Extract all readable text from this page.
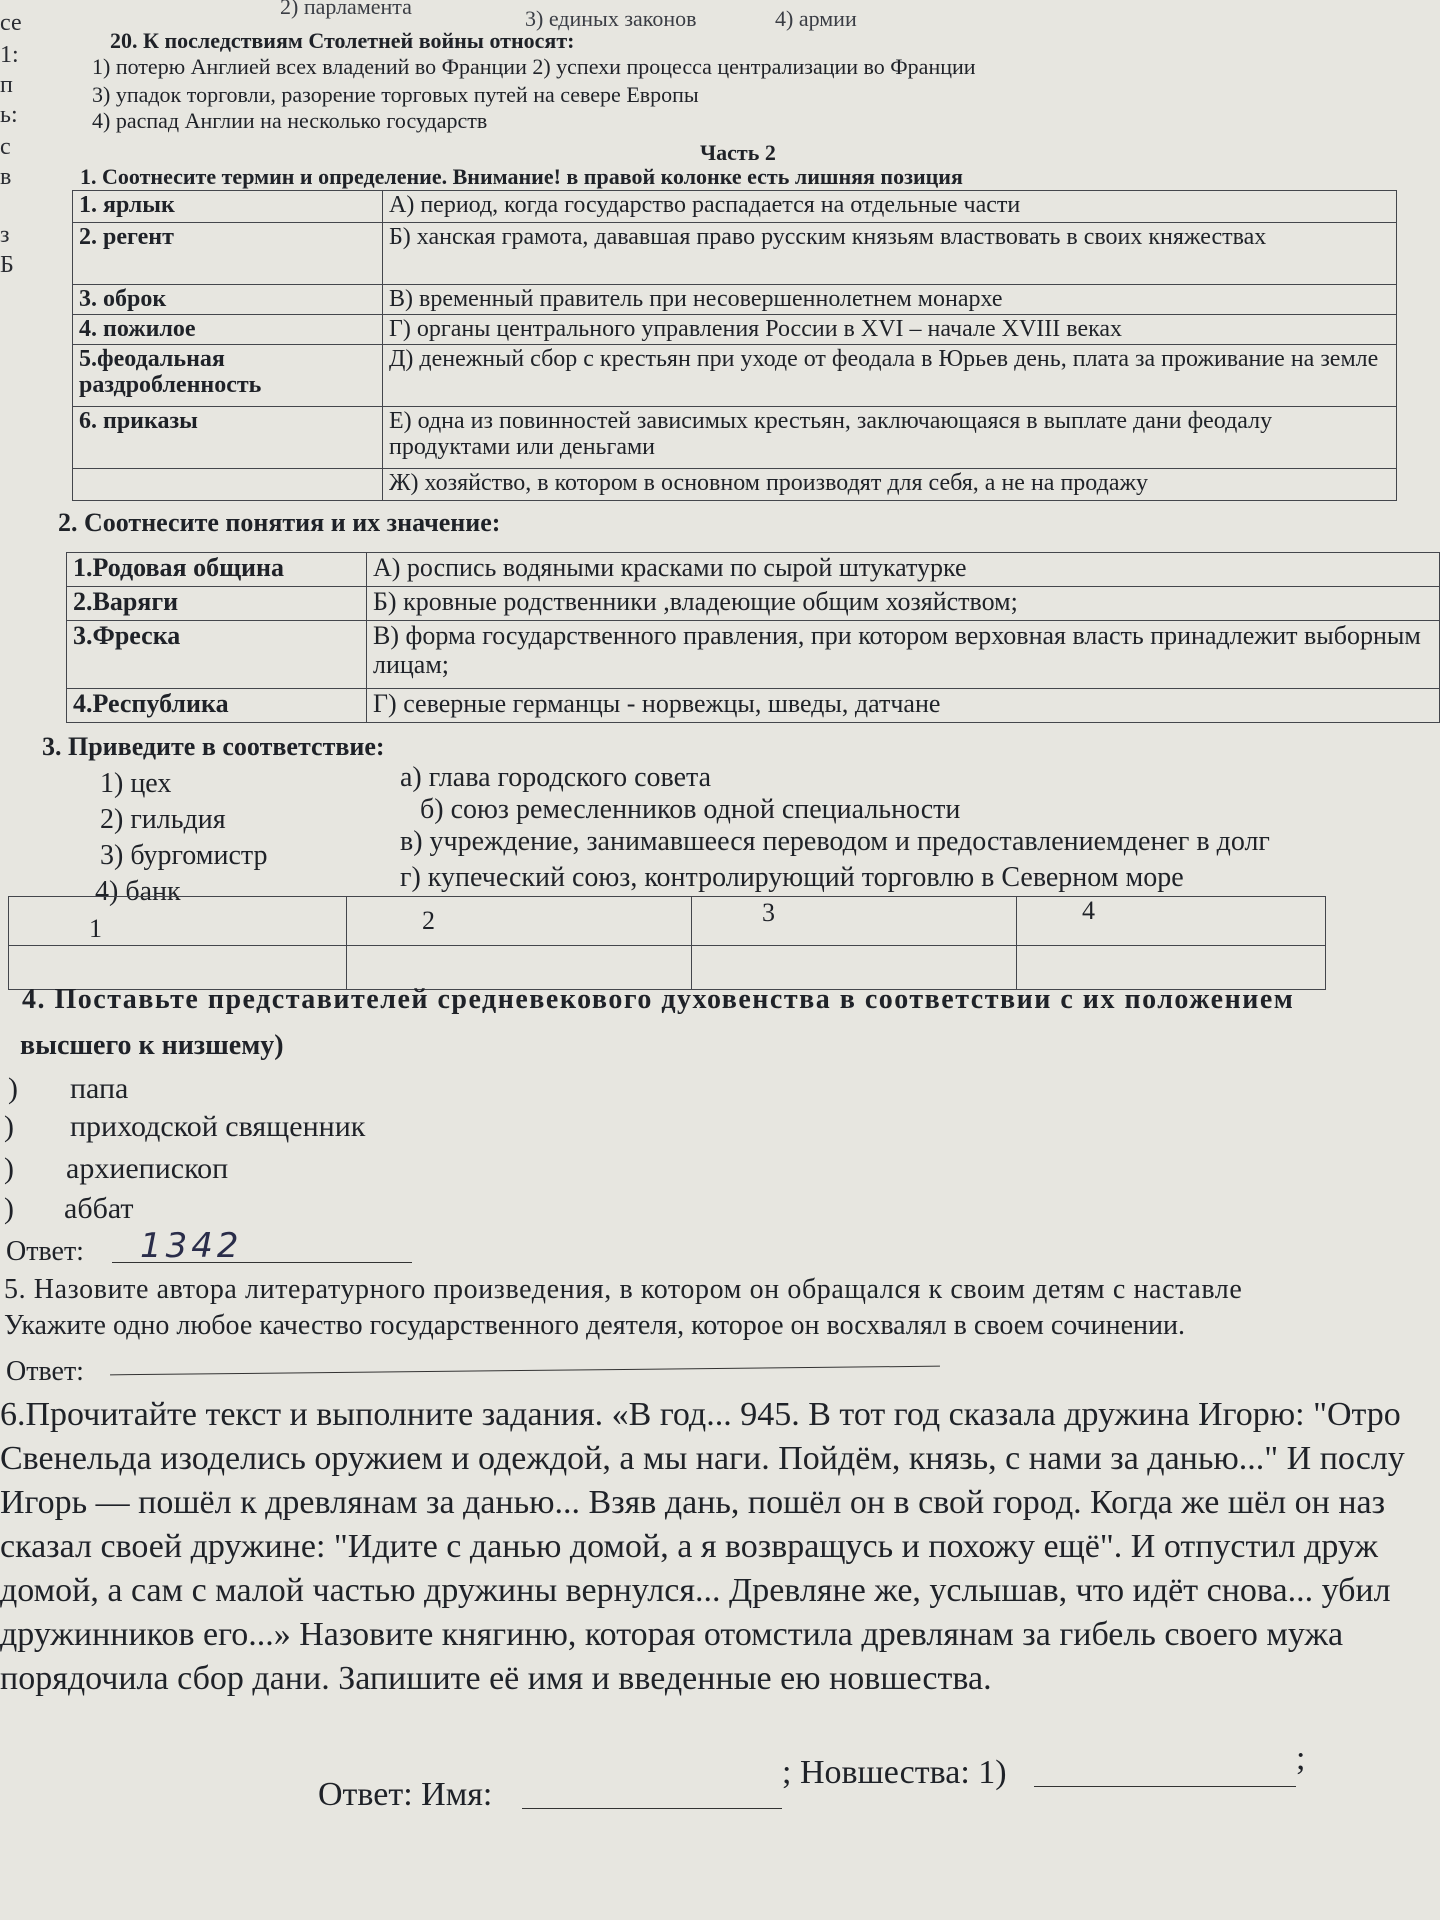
се
1:
п
ь:
с
в
з
Б
2) парламента	3) единых законов	4) армии
20. К последствиям Столетней войны относят:
1) потерю Англией всех владений во Франции 2) успехи процесса централизации во Франции
3) упадок торговли, разорение торговых путей на севере Европы
4) распад Англии на несколько государств
Часть 2
1. Соотнесите термин и определение. Внимание! в правой колонке есть лишняя позиция
1. ярлык	А) период, когда государство распадается на отдельные части
2. регент	Б) ханская грамота, дававшая право русским князьям властвовать в своих княжествах
3. оброк	В) временный правитель при несовершеннолетнем монархе
4. пожилое	Г) органы центрального управления России в XVI – начале XVIII веках
5.феодальная раздробленность	Д) денежный сбор с крестьян при уходе от феодала в Юрьев день, плата за проживание на земле
6. приказы	Е) одна из повинностей зависимых крестьян, заключающаяся в выплате дани феодалу продуктами или деньгами
	Ж) хозяйство, в котором в основном производят для себя, а не на продажу
2. Соотнесите понятия и их значение:
1.Родовая община	А) роспись водяными красками по сырой штукатурке
2.Варяги	Б) кровные родственники ,владеющие общим хозяйством;
3.Фреска	В) форма государственного правления, при котором верховная власть принадлежит выборным лицам;
4.Республика	Г) северные германцы - норвежцы, шведы, датчане
3. Приведите в соответствие:
1) цех
2) гильдия
3) бургомистр
4) банк
а) глава городского совета
б) союз ремесленников одной специальности
в) учреждение, занимавшееся переводом и предоставлениемденег в долг
г) купеческий союз, контролирующий торговлю в Северном море
1	2	3	4

4. Поставьте представителей средневекового духовенства в соответствии с их положением
высшего к низшему)
) папа
) приходской священник
) архиепископ
) аббат
Ответ: 1342
5. Назовите автора литературного произведения, в котором он обращался к своим детям с наставле
Укажите одно любое качество государственного деятеля, которое он восхвалял в своем сочинении.
Ответ:
6.Прочитайте текст и выполните задания. «В год... 945. В тот год сказала дружина Игорю: "Отро
Свенельда изоделись оружием и одеждой, а мы наги. Пойдём, князь, с нами за данью..." И послу
Игорь — пошёл к древлянам за данью... Взяв дань, пошёл он в свой город. Когда же шёл он наз
сказал своей дружине: "Идите с данью домой, а я возвращусь и похожу ещё". И отпустил друж
домой, а сам с малой частью дружины вернулся... Древляне же, услышав, что идёт снова... убил
дружинников его...» Назовите княгиню, которая отомстила древлянам за гибель своего мужа
порядочила сбор дани. Запишите её имя и введенные ею новшества.
Ответ: Имя:
; Новшества: 1)	;
